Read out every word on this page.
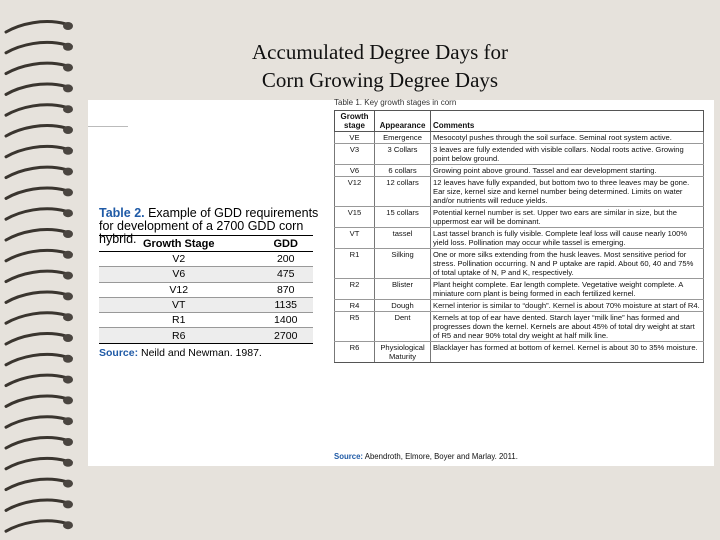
Accumulated Degree Days for
Corn Growing Degree Days
Table 2. Example of GDD requirements for development of a 2700 GDD corn hybrid. Growth Stage	GDD
V2	200
V6	475
V12	870
VT	1135
R1	1400
R6	2700
Source: Neild and Newman. 1987.
Table 1. Key growth stages in corn
Growth stage	Appearance	Comments
VE	Emergence	Mesocotyl pushes through the soil surface. Seminal root system active.
V3	3 Collars	3 leaves are fully extended with visible collars. Nodal roots active. Growing point below ground.
V6	6 collars	Growing point above ground. Tassel and ear development starting.
V12	12 collars	12 leaves have fully expanded, but bottom two to three leaves may be gone. Ear size, kernel size and kernel number being determined. Limits on water and/or nutrients will reduce yields.
V15	15 collars	Potential kernel number is set. Upper two ears are similar in size, but the uppermost ear will be dominant.
VT	tassel	Last tassel branch is fully visible. Complete leaf loss will cause nearly 100% yield loss. Pollination may occur while tassel is emerging.
R1	Silking	One or more silks extending from the husk leaves. Most sensitive period for stress. Pollination occurring. N and P uptake are rapid. About 60, 40 and 75% of total uptake of N, P and K, respectively.
R2	Blister	Plant height complete. Ear length complete. Vegetative weight complete. A miniature corn plant is being formed in each fertilized kernel.
R4	Dough	Kernel interior is similar to “dough”. Kernel is about 70% moisture at start of R4.
R5	Dent	Kernels at top of ear have dented. Starch layer “milk line” has formed and progresses down the kernel. Kernels are about 45% of total dry weight at start of R5 and near 90% total dry weight at half milk line.
R6	Physiological Maturity	Blacklayer has formed at bottom of kernel. Kernel is about 30 to 35% moisture.
Source: Abendroth, Elmore, Boyer and Marlay. 2011.
